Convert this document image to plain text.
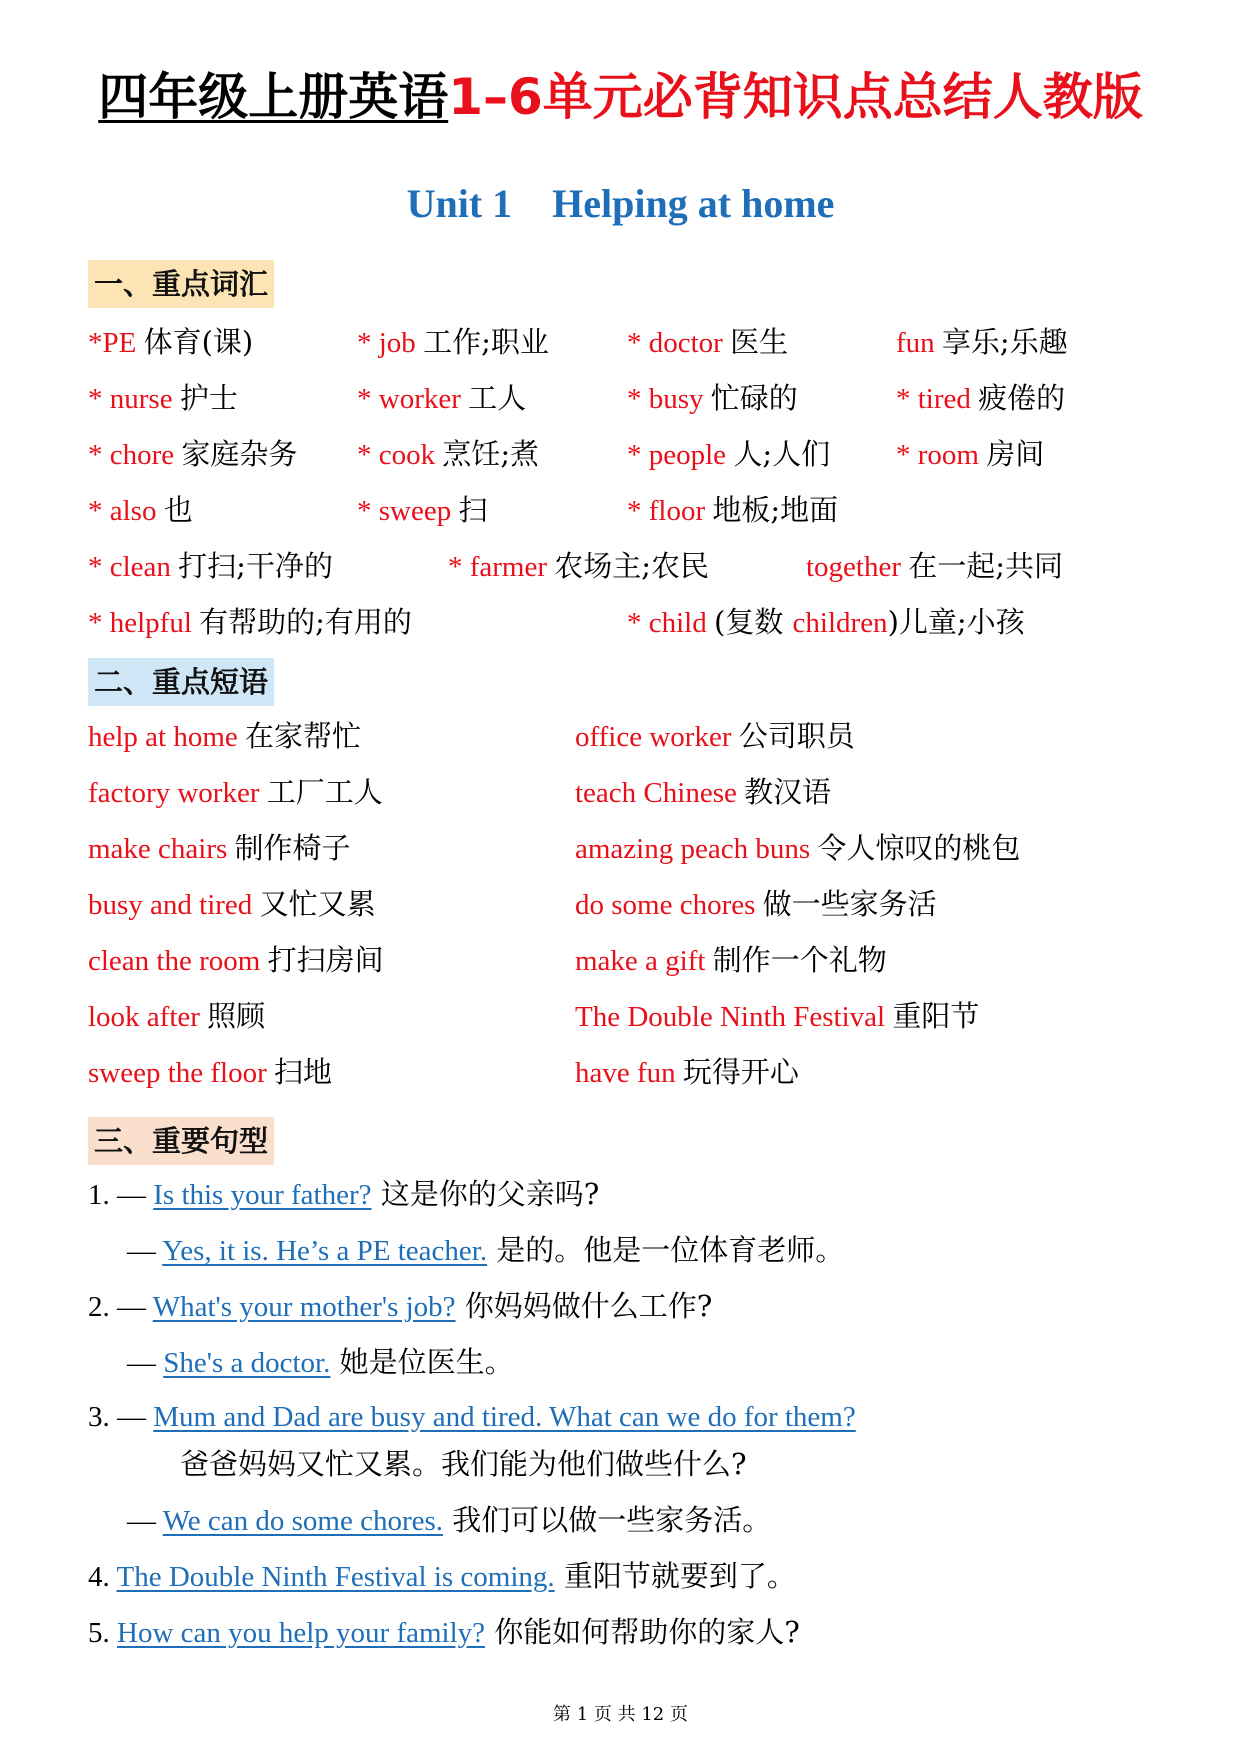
四年级上册英语1–6单元必背知识点总结人教版
Unit 1    Helping at home
一、重点词汇
*PE 体育(课)	* job 工作;职业	* doctor 医生	fun 享乐;乐趣
* nurse 护士	* worker 工人	* busy 忙碌的	* tired 疲倦的
* chore 家庭杂务 * cook 烹饪;煮	* people 人;人们 * room 房间
* also 也	* sweep 扫	* floor 地板;地面
* clean 打扫;干净的	* farmer 农场主;农民	together 在一起;共同
* helpful 有帮助的;有用的	* child (复数 children)儿童;小孩
二、重点短语
help at home 在家帮忙	office worker 公司职员
factory worker 工厂工人	teach Chinese 教汉语
make chairs 制作椅子	amazing peach buns 令人惊叹的桃包
busy and tired 又忙又累	do some chores 做一些家务活
clean the room 打扫房间	make a gift 制作一个礼物
look after 照顾	The Double Ninth Festival 重阳节
sweep the floor 扫地	have fun 玩得开心
三、重要句型
1. — Is this your father? 这是你的父亲吗?
— Yes, it is. He’s a PE teacher. 是的。他是一位体育老师。
2. — What's your mother's job? 你妈妈做什么工作?
— She's a doctor. 她是位医生。
3. — Mum and Dad are busy and tired. What can we do for them?
爸爸妈妈又忙又累。我们能为他们做些什么?
— We can do some chores. 我们可以做一些家务活。
4. The Double Ninth Festival is coming. 重阳节就要到了。
5. How can you help your family? 你能如何帮助你的家人?
第 1 页 共 12 页
